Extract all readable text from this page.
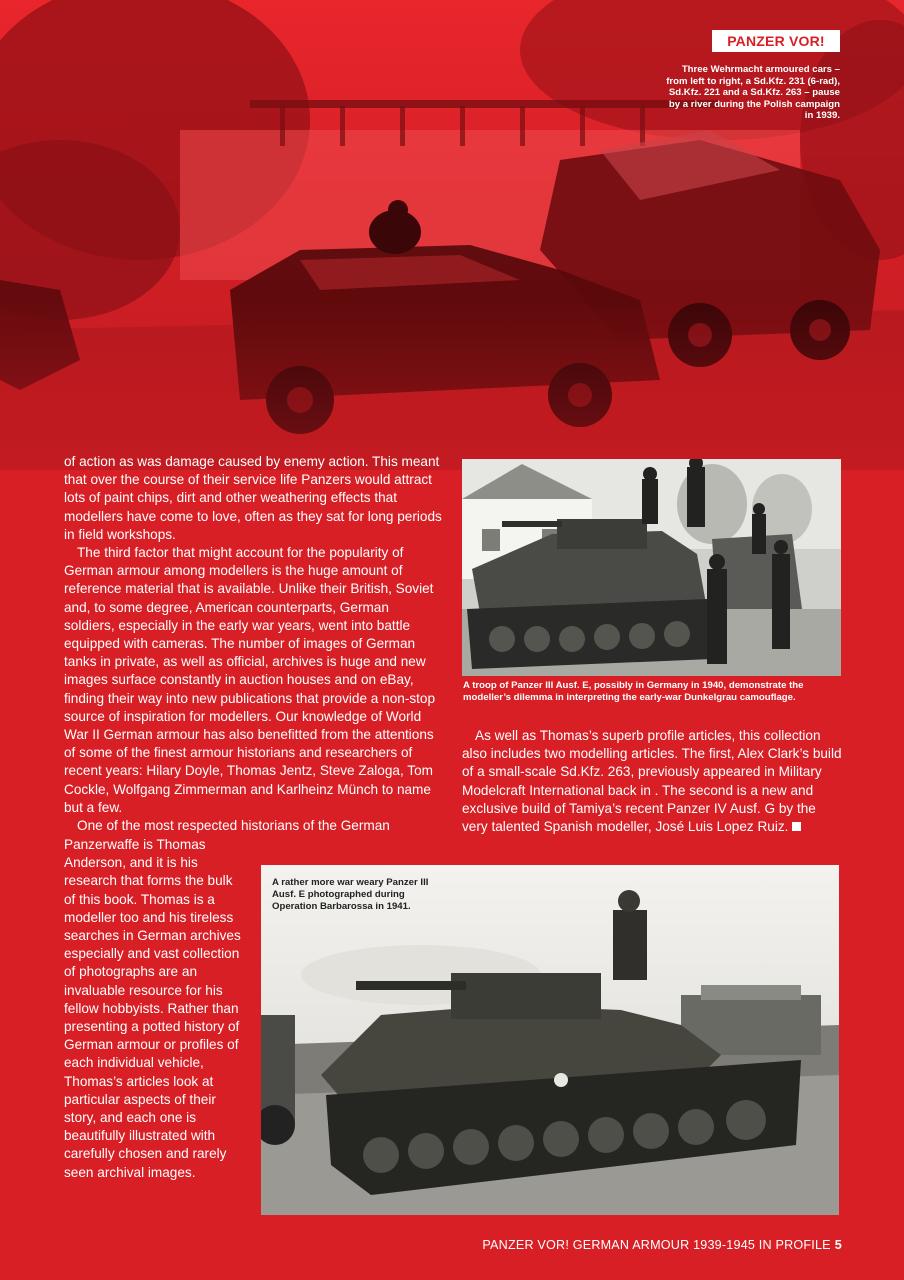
PANZER VOR!
Three Wehrmacht armoured cars – from left to right, a Sd.Kfz. 231 (6-rad), Sd.Kfz. 221 and a Sd.Kfz. 263 – pause by a river during the Polish campaign in 1939.

of action as was damage caused by enemy action. This meant that over the course of their service life Panzers would attract lots of paint chips, dirt and other weathering effects that modellers have come to love, often as they sat for long periods in field workshops.

The third factor that might account for the popularity of German armour among modellers is the huge amount of reference material that is available. Unlike their British, Soviet and, to some degree, American counterparts, German soldiers, especially in the early war years, went into battle equipped with cameras. The number of images of German tanks in private, as well as official, archives is huge and new images surface constantly in auction houses and on eBay, finding their way into new publications that provide a non-stop source of inspiration for modellers. Our knowledge of World War II German armour has also benefitted from the attentions of some of the finest armour historians and researchers of recent years: Hilary Doyle, Thomas Jentz, Steve Zaloga, Tom Cockle, Wolfgang Zimmerman and Karlheinz Münch to name but a few.

One of the most respected historians of the German

Panzerwaffe is Thomas Anderson, and it is his research that forms the bulk of this book. Thomas is a modeller too and his tireless searches in German archives especially and vast collection of photographs are an invaluable resource for his fellow hobbyists. Rather than presenting a potted history of German armour or profiles of each individual vehicle, Thomas’s articles look at particular aspects of their story, and each one is beautifully illustrated with carefully chosen and rarely seen archival images.

A troop of Panzer III Ausf. E, possibly in Germany in 1940, demonstrate the modeller’s dilemma in interpreting the early-war Dunkelgrau camouflage.

As well as Thomas’s superb profile articles, this collection also includes two modelling articles. The first, Alex Clark’s build of a small-scale Sd.Kfz. 263, previously appeared in Military Modelcraft International back in . The second is a new and exclusive build of Tamiya’s recent Panzer IV Ausf. G by the very talented Spanish modeller, José Luis Lopez Ruiz.

A rather more war weary Panzer III Ausf. E photographed during Operation Barbarossa in 1941.
PANZER VOR! GERMAN ARMOUR 1939-1945 IN PROFILE 5
